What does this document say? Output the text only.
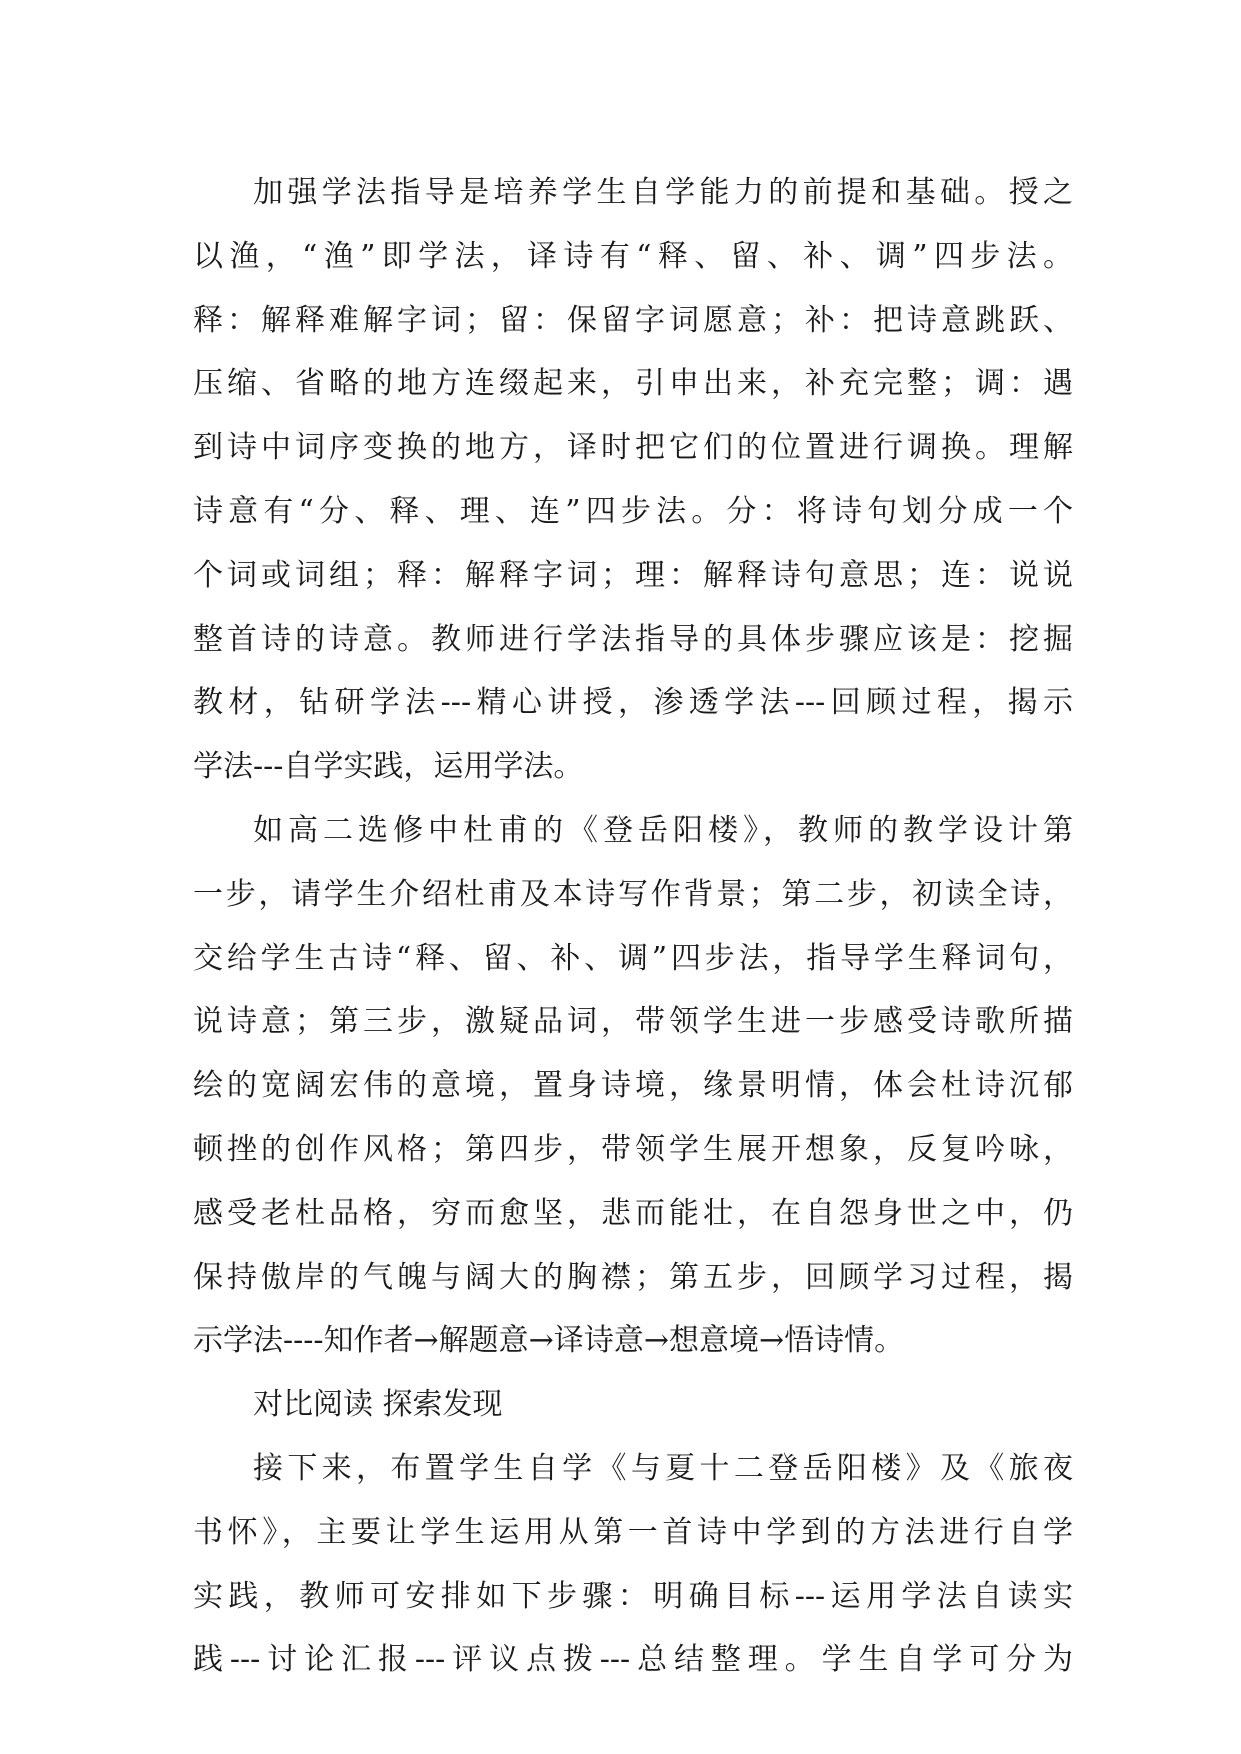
加强学法指导是培养学生自学能力的前提和基础。授之
以渔，“渔”即学法，译诗有“释、留、补、调”四步法。
释：解释难解字词；留：保留字词愿意；补：把诗意跳跃、
压缩、省略的地方连缀起来，引申出来，补充完整；调：遇
到诗中词序变换的地方，译时把它们的位置进行调换。理解
诗意有“分、释、理、连”四步法。分：将诗句划分成一个
个词或词组；释：解释字词；理：解释诗句意思；连：说说
整首诗的诗意。教师进行学法指导的具体步骤应该是：挖掘
教材，钻研学法---精心讲授，渗透学法---回顾过程，揭示
学法---自学实践，运用学法。
如高二选修中杜甫的《登岳阳楼》，教师的教学设计第
一步，请学生介绍杜甫及本诗写作背景；第二步，初读全诗，
交给学生古诗“释、留、补、调”四步法，指导学生释词句，
说诗意；第三步，激疑品词，带领学生进一步感受诗歌所描
绘的宽阔宏伟的意境，置身诗境，缘景明情，体会杜诗沉郁
顿挫的创作风格；第四步，带领学生展开想象，反复吟咏，
感受老杜品格，穷而愈坚，悲而能壮，在自怨身世之中，仍
保持傲岸的气魄与阔大的胸襟；第五步，回顾学习过程，揭
示学法----知作者→解题意→译诗意→想意境→悟诗情。
对比阅读 探索发现
接下来，布置学生自学《与夏十二登岳阳楼》及《旅夜
书怀》，主要让学生运用从第一首诗中学到的方法进行自学
实践，教师可安排如下步骤：明确目标---运用学法自读实
践---讨论汇报---评议点拨---总结整理。学生自学可分为
